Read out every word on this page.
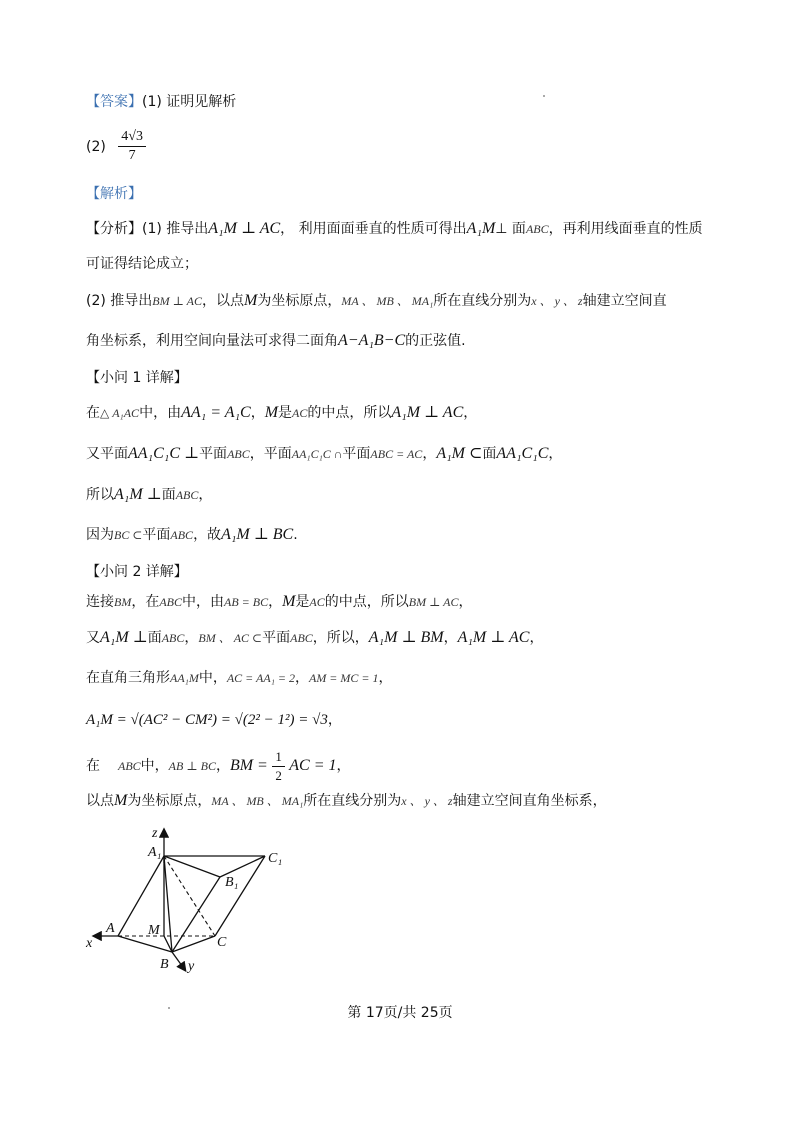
【答案】(1) 证明见解析
$(2) \frac{4√3}{7}$
【解析】
【分析】(1) 推导出A₁M ⊥ AC， 利用面面垂直的性质可得出A₁M⊥ 面ABC，再利用线面垂直的性质
可证得结论成立；
(2) 推导出BM ⊥ AC，以点M为坐标原点，MA 、 MB 、 MA₁所在直线分别为x 、 y 、 z轴建立空间直
角坐标系，利用空间向量法可求得二面角A−A₁B−C的正弦值.
【小问 1 详解】
在△ A₁AC中，由AA₁ = A₁C，M是AC的中点，所以A₁M ⊥ AC，
又平面AA₁C₁C ⊥平面ABC，平面AA₁C₁C ∩平面ABC = AC，A₁M ⊂面AA₁C₁C，
所以A₁M ⊥面ABC，
因为BC ⊂平面ABC，故A₁M ⊥ BC.
【小问 2 详解】
连接BM，在ABC中，由AB = BC，M是AC的中点，所以BM ⊥ AC，
又A₁M ⊥面ABC，BM 、 AC ⊂平面ABC，所以，A₁M ⊥ BM，A₁M ⊥ AC，
在直角三角形AA₁M中，AC = AA₁ = 2，AM = MC = 1，
A₁M = √(AC² − CM²) = √(2² − 1²) = √3，
在 ABC中，AB ⊥ BC，BM = $\frac{1}{2}$ AC = 1，
以点M为坐标原点，MA 、 MB 、 MA₁所在直线分别为x 、 y 、 z轴建立空间直角坐标系，
z
A₁	C₁
B₁
A M
C
x
B y
第 17页/共 25页
